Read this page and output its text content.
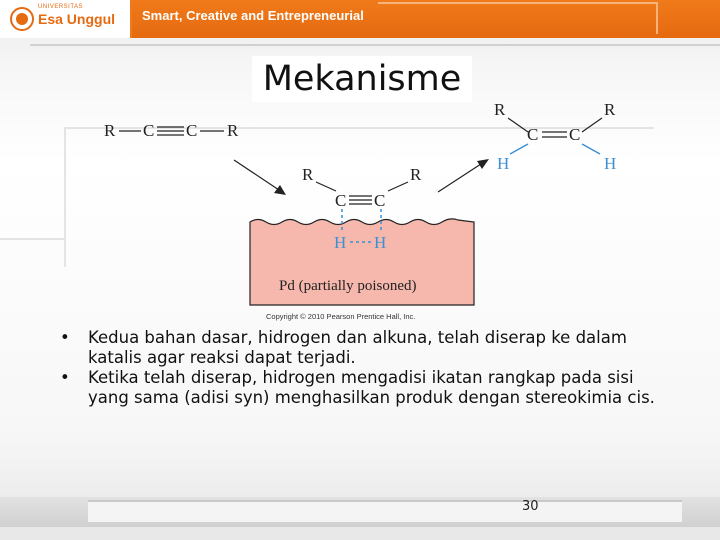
UNIVERSITAS
Esa Unggul Smart, Creative and Entrepreneurial
Mekanisme
R C C R
Pd (partially poisoned)
R	R
C C
H H
R	R
C C
H	H
Copyright © 2010 Pearson Prentice Hall, Inc.
• Kedua bahan dasar, hidrogen dan alkuna, telah diserap ke dalam katalis agar reaksi dapat terjadi.
• Ketika telah diserap, hidrogen mengadisi ikatan rangkap pada sisi yang sama (adisi syn) menghasilkan produk dengan stereokimia cis.
30
